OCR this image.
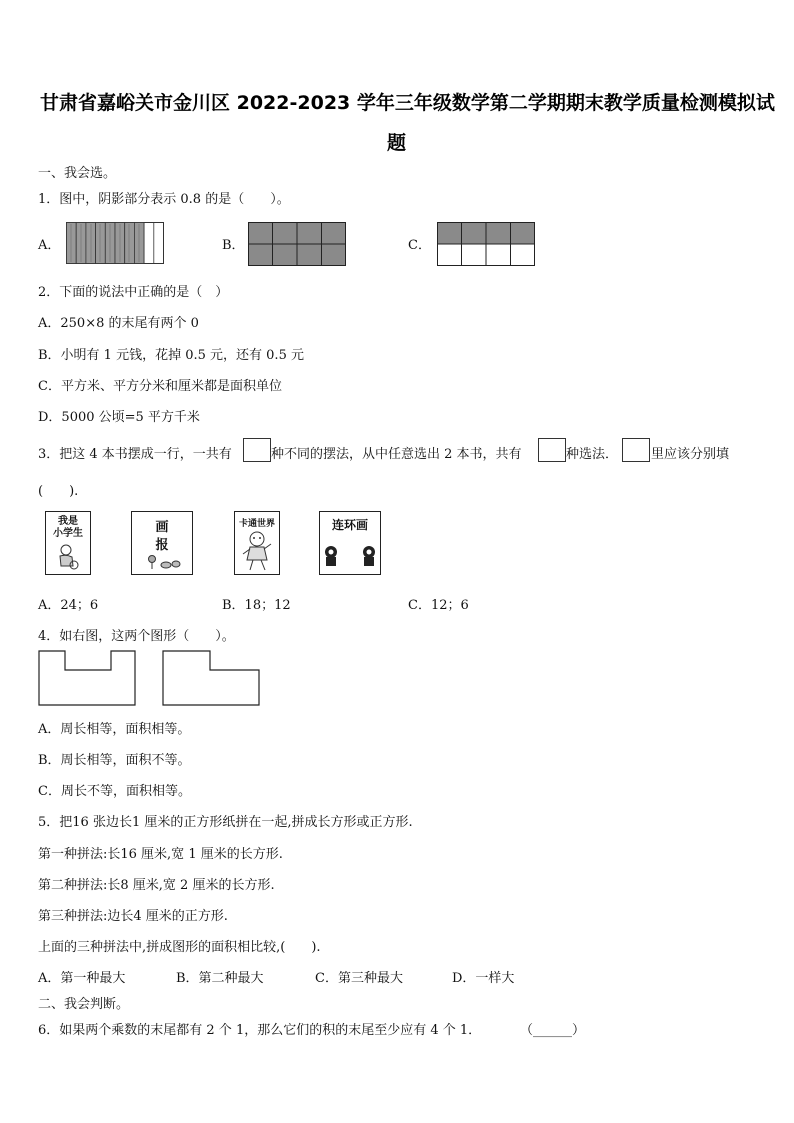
甘肃省嘉峪关市金川区 2022-2023 学年三年级数学第二学期期末教学质量检测模拟试
题
一、我会选。
1．图中，阴影部分表示 0.8 的是（　　）。
A．	B．	C．
2．下面的说法中正确的是（　）
A．250×8 的末尾有两个 0
B．小明有 1 元钱，花掉 0.5 元，还有 0.5 元
C．平方米、平方分米和厘米都是面积单位
D．5000 公顷=5 平方千米
3．把这 4 本书摆成一行，一共有	种不同的摆法，从中任意选出 2 本书，共有	种选法．	里应该分别填
(　　).
我是
小学生	画
报
卡通世界	连环画
A．24；6	B．18；12	C．12；6
4．如右图，这两个图形（　　）。
A．周长相等，面积相等。
B．周长相等，面积不等。
C．周长不等，面积相等。
5．把16 张边长1 厘米的正方形纸拼在一起,拼成长方形或正方形.
第一种拼法:长16 厘米,宽 1 厘米的长方形.
第二种拼法:长8 厘米,宽 2 厘米的长方形.
第三种拼法:边长4 厘米的正方形.
上面的三种拼法中,拼成图形的面积相比较,(　　).
A．第一种最大	B．第二种最大	C．第三种最大	D．一样大
二、我会判断。
6．如果两个乘数的末尾都有 2 个 1，那么它们的积的末尾至少应有 4 个 1．	（______）
